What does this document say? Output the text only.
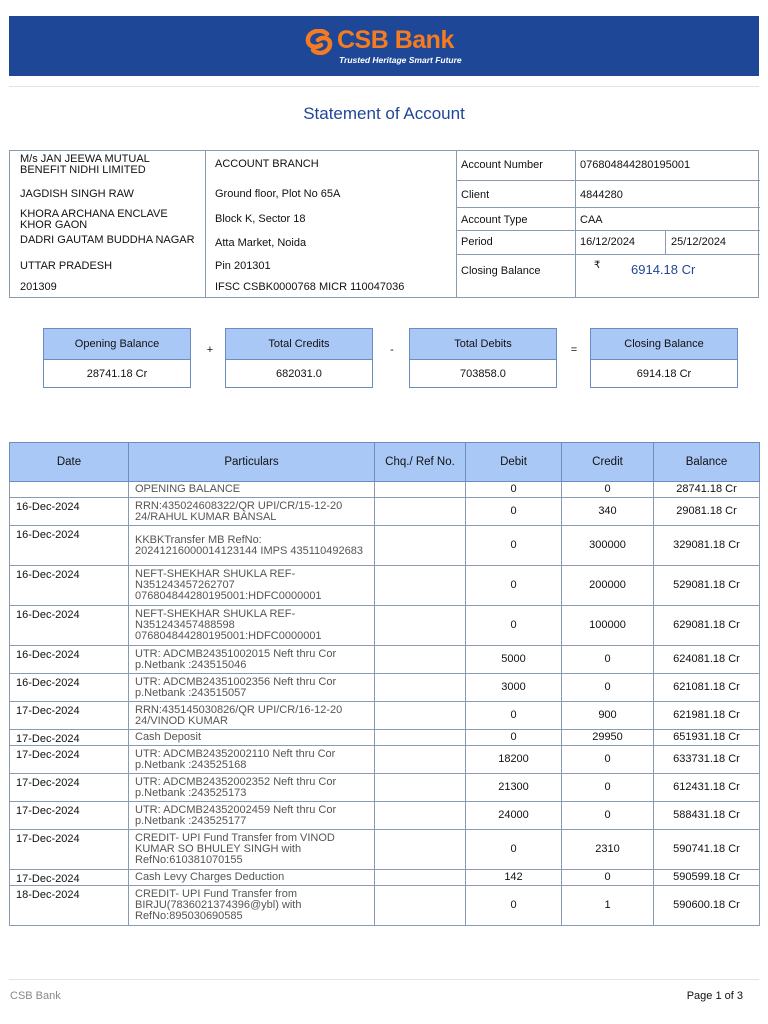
CSB Bank
Trusted Heritage Smart Future
Statement of Account
M/s JAN JEEWA MUTUAL BENEFIT NIDHI LIMITED
JAGDISH SINGH RAW
KHORA ARCHANA ENCLAVE KHOR GAON
DADRI GAUTAM BUDDHA NAGAR
UTTAR PRADESH
201309
ACCOUNT BRANCH
Ground floor, Plot No 65A
Block K, Sector 18
Atta Market, Noida
Pin 201301
IFSC CSBK0000768 MICR 110047036
Account Number	076804844280195001
Client	4844280
Account Type	CAA
Period	16/12/2024	25/12/2024
Closing Balance	₹ 6914.18 Cr
Opening Balance
28741.18 Cr
+	Total Credits
682031.0
-	Total Debits
703858.0
=	Closing Balance
6914.18 Cr
Date	Particulars	Chq./ Ref No.	Debit	Credit	Balance
	OPENING BALANCE		0	0	28741.18 Cr
16-Dec-2024	RRN:435024608322/QR UPI/CR/15-12-20 24/RAHUL KUMAR BANSAL		0	340	29081.18 Cr
16-Dec-2024	KKBKTransfer MB RefNo: 20241216000014123144 IMPS 435110492683		0	300000	329081.18 Cr
16-Dec-2024	NEFT-SHEKHAR SHUKLA REF- N351243457262707 076804844280195001:HDFC0000001		0	200000	529081.18 Cr
16-Dec-2024	NEFT-SHEKHAR SHUKLA REF- N351243457488598 076804844280195001:HDFC0000001		0	100000	629081.18 Cr
16-Dec-2024	UTR: ADCMB24351002015 Neft thru Cor p.Netbank :243515046		5000	0	624081.18 Cr
16-Dec-2024	UTR: ADCMB24351002356 Neft thru Cor p.Netbank :243515057		3000	0	621081.18 Cr
17-Dec-2024	RRN:435145030826/QR UPI/CR/16-12-20 24/VINOD KUMAR		0	900	621981.18 Cr
17-Dec-2024	Cash Deposit		0	29950	651931.18 Cr
17-Dec-2024	UTR: ADCMB24352002110 Neft thru Cor p.Netbank :243525168		18200	0	633731.18 Cr
17-Dec-2024	UTR: ADCMB24352002352 Neft thru Cor p.Netbank :243525173		21300	0	612431.18 Cr
17-Dec-2024	UTR: ADCMB24352002459 Neft thru Cor p.Netbank :243525177		24000	0	588431.18 Cr
17-Dec-2024	CREDIT- UPI Fund Transfer from VINOD KUMAR SO BHULEY SINGH with RefNo:610381070155		0	2310	590741.18 Cr
17-Dec-2024	Cash Levy Charges Deduction		142	0	590599.18 Cr
18-Dec-2024	CREDIT- UPI Fund Transfer from BIRJU(7836021374396@ybl) with RefNo:895030690585		0	1	590600.18 Cr
CSB Bank	Page 1 of 3
